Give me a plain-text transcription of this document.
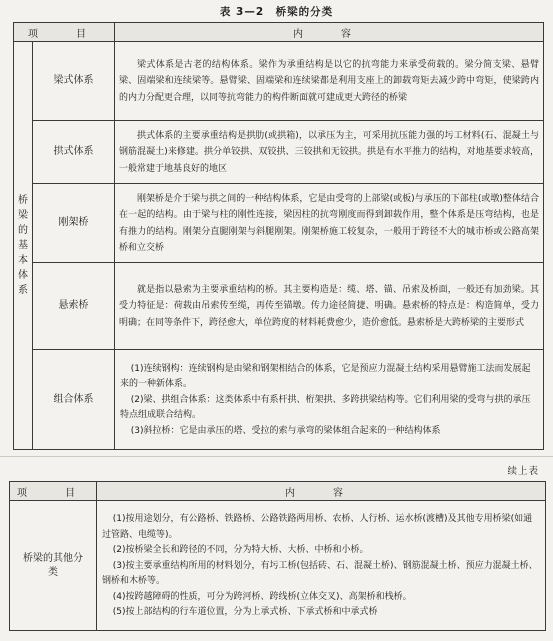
表 3—2　桥梁的分类
项　目		内　容

桥梁的基本体系	梁式体系	梁式体系是古老的结构体系。梁作为承重结构是以它的抗弯能力来承受荷载的。梁分简支梁、悬臂梁、固端梁和连续梁等。悬臂梁、固端梁和连续梁都是利用支座上的卸载弯矩去减少跨中弯矩，使梁跨内的内力分配更合理，以同等抗弯能力的构件断面就可建成更大跨径的桥梁

	拱式体系	拱式体系的主要承重结构是拱肋(或拱箱)，以承压为主，可采用抗压能力强的圬工材料(石、混凝土与钢筋混凝土)来修建。拱分单铰拱、双铰拱、三铰拱和无铰拱。拱是有水平推力的结构，对地基要求较高，一般常建于地基良好的地区

	刚架桥	刚架桥是介于梁与拱之间的一种结构体系，它是由受弯的上部梁(或板)与承压的下部柱(或墩)整体结合在一起的结构。由于梁与柱的刚性连接，梁因柱的抗弯刚度而得到卸载作用，整个体系是压弯结构，也是有推力的结构。刚架分直腿刚架与斜腿刚架。刚架桥施工较复杂，一般用于跨径不大的城市桥或公路高架桥和立交桥

	悬索桥	就是指以悬索为主要承重结构的桥。其主要构造是：缆、塔、锚、吊索及桥面，一般还有加劲梁。其受力特征是：荷载由吊索传至缆，再传至锚墩。传力途径简捷、明确。悬索桥的特点是：构造简单，受力明确；在同等条件下，跨径愈大，单位跨度的材料耗费愈少，造价愈低。悬索桥是大跨桥梁的主要形式

	组合体系	(1)连续钢构：连续钢构是由梁和钢架相结合的体系，它是预应力混凝土结构采用悬臂施工法而发展起来的一种新体系。
(2)梁、拱组合体系：这类体系中有系杆拱、桁架拱、多跨拱梁结构等。它们利用梁的受弯与拱的承压特点组成联合结构。
(3)斜拉桥：它是由承压的塔、受拉的索与承弯的梁体组合起来的一种结构体系
续上表
项　目	内　容

桥梁的其他分类	(1)按用途划分，有公路桥、铁路桥、公路铁路两用桥、农桥、人行桥、运水桥(渡槽)及其他专用桥梁(如通过管路、电缆等)。
(2)按桥梁全长和跨径的不同，分为特大桥、大桥、中桥和小桥。
(3)按主要承重结构所用的材料划分，有圬工桥(包括砖、石、混凝土桥)、钢筋混凝土桥、预应力混凝土桥、钢桥和木桥等。
(4)按跨越障碍的性质，可分为跨河桥、跨线桥(立体交叉)、高架桥和栈桥。
(5)按上部结构的行车道位置，分为上承式桥、下承式桥和中承式桥
